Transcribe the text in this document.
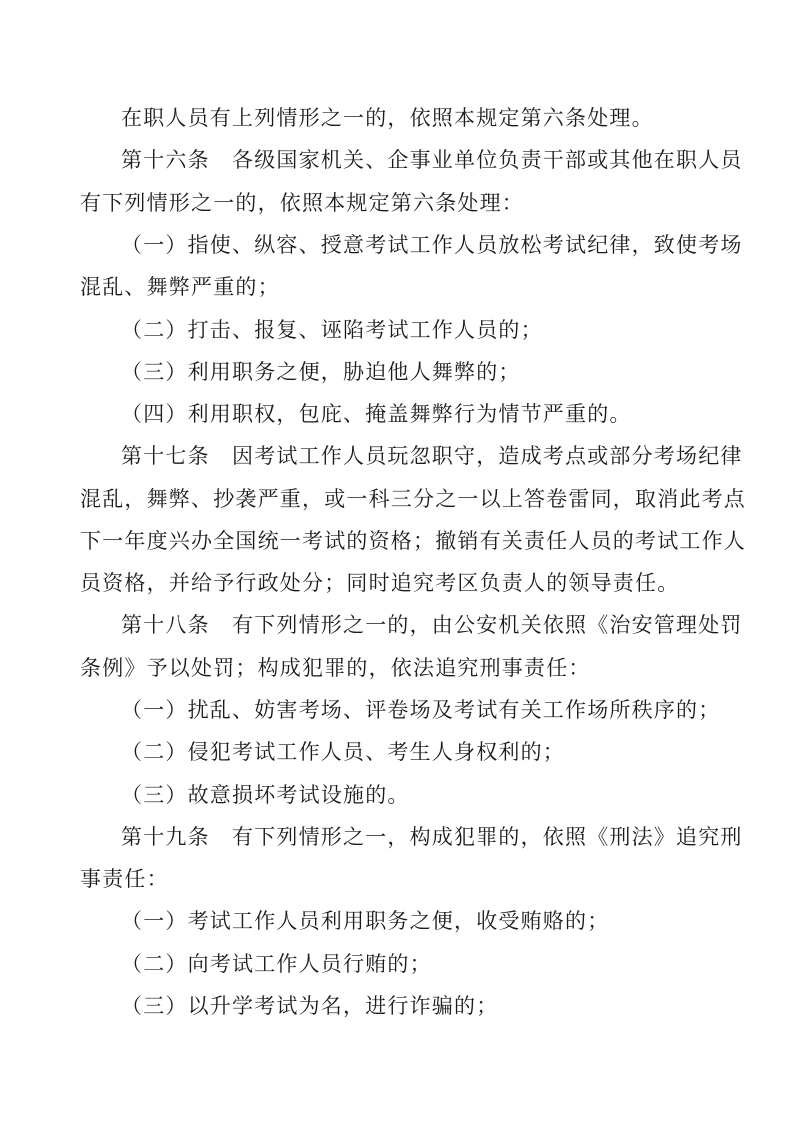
在职人员有上列情形之一的，依照本规定第六条处理。
第十六条　各级国家机关、企事业单位负责干部或其他在职人员
有下列情形之一的，依照本规定第六条处理：
（一）指使、纵容、授意考试工作人员放松考试纪律，致使考场
混乱、舞弊严重的；
（二）打击、报复、诬陷考试工作人员的；
（三）利用职务之便，胁迫他人舞弊的；
（四）利用职权，包庇、掩盖舞弊行为情节严重的。
第十七条　因考试工作人员玩忽职守，造成考点或部分考场纪律
混乱，舞弊、抄袭严重，或一科三分之一以上答卷雷同，取消此考点
下一年度兴办全国统一考试的资格；撤销有关责任人员的考试工作人
员资格，并给予行政处分；同时追究考区负责人的领导责任。
第十八条　有下列情形之一的，由公安机关依照《治安管理处罚
条例》予以处罚；构成犯罪的，依法追究刑事责任：
（一）扰乱、妨害考场、评卷场及考试有关工作场所秩序的；
（二）侵犯考试工作人员、考生人身权利的；
（三）故意损坏考试设施的。
第十九条　有下列情形之一，构成犯罪的，依照《刑法》追究刑
事责任：
（一）考试工作人员利用职务之便，收受贿赂的；
（二）向考试工作人员行贿的；
（三）以升学考试为名，进行诈骗的；
